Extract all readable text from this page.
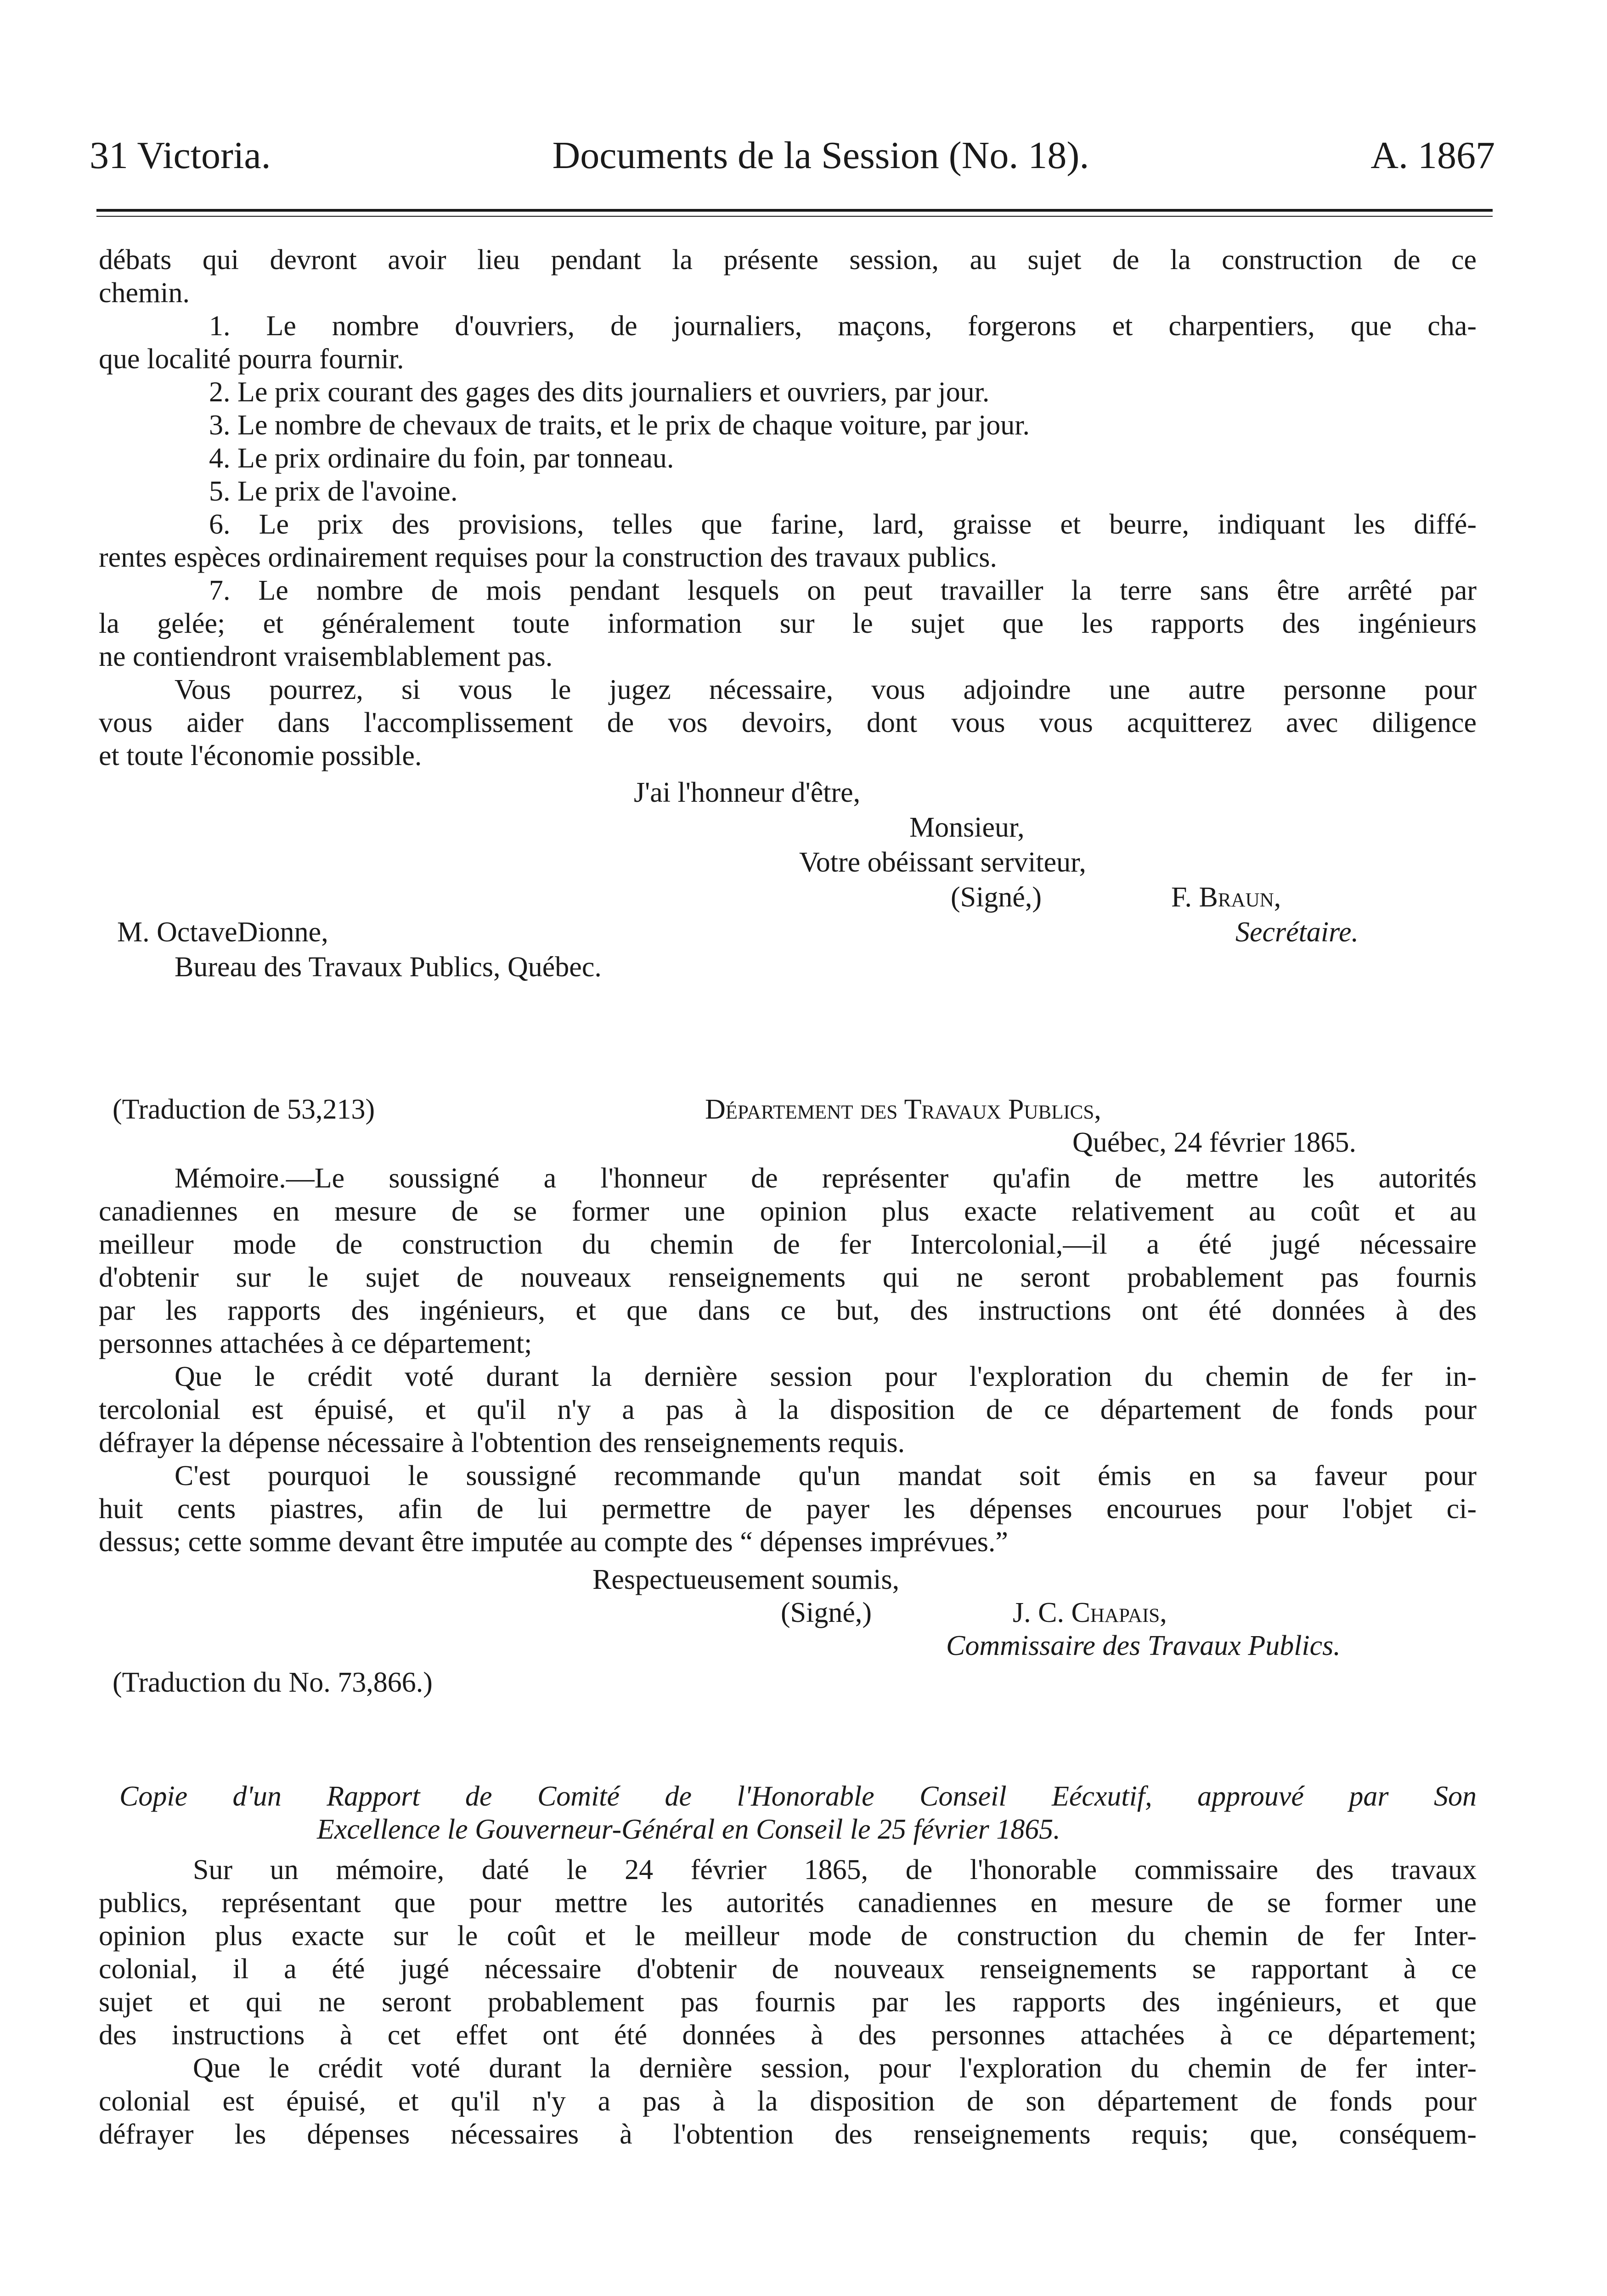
31 Victoria.	Documents de la Session (No. 18).	A. 1867
débats qui devront avoir lieu pendant la présente session, au sujet de la construction de ce
chemin.
1. Le nombre d'ouvriers, de journaliers, maçons, forgerons et charpentiers, que cha-
que localité pourra fournir.
2. Le prix courant des gages des dits journaliers et ouvriers, par jour.
3. Le nombre de chevaux de traits, et le prix de chaque voiture, par jour.
4. Le prix ordinaire du foin, par tonneau.
5. Le prix de l'avoine.
6. Le prix des provisions, telles que farine, lard, graisse et beurre, indiquant les diffé-
rentes espèces ordinairement requises pour la construction des travaux publics.
7. Le nombre de mois pendant lesquels on peut travailler la terre sans être arrêté par
la gelée; et généralement toute information sur le sujet que les rapports des ingénieurs
ne contiendront vraisemblablement pas.
Vous pourrez, si vous le jugez nécessaire, vous adjoindre une autre personne pour
vous aider dans l'accomplissement de vos devoirs, dont vous vous acquitterez avec diligence
et toute l'économie possible.
J'ai l'honneur d'être,
Monsieur,
Votre obéissant serviteur,
(Signé,)	F. Braun,
M. OctaveDionne,	Secrétaire.
Bureau des Travaux Publics, Québec.
(Traduction de 53,213)	Département des Travaux Publics,
Québec, 24 février 1865.
Mémoire.—Le soussigné a l'honneur de représenter qu'afin de mettre les autorités
canadiennes en mesure de se former une opinion plus exacte relativement au coût et au
meilleur mode de construction du chemin de fer Intercolonial,—il a été jugé nécessaire
d'obtenir sur le sujet de nouveaux renseignements qui ne seront probablement pas fournis
par les rapports des ingénieurs, et que dans ce but, des instructions ont été données à des
personnes attachées à ce département;
Que le crédit voté durant la dernière session pour l'exploration du chemin de fer in-
tercolonial est épuisé, et qu'il n'y a pas à la disposition de ce département de fonds pour
défrayer la dépense nécessaire à l'obtention des renseignements requis.
C'est pourquoi le soussigné recommande qu'un mandat soit émis en sa faveur pour
huit cents piastres, afin de lui permettre de payer les dépenses encourues pour l'objet ci-
dessus; cette somme devant être imputée au compte des “ dépenses imprévues.”
Respectueusement soumis,
(Signé,)	J. C. Chapais,
Commissaire des Travaux Publics.
(Traduction du No. 73,866.)
Copie d'un Rapport de Comité de l'Honorable Conseil Eécxutif, approuvé par Son
Excellence le Gouverneur-Général en Conseil le 25 février 1865.
Sur un mémoire, daté le 24 février 1865, de l'honorable commissaire des travaux
publics, représentant que pour mettre les autorités canadiennes en mesure de se former une
opinion plus exacte sur le coût et le meilleur mode de construction du chemin de fer Inter-
colonial, il a été jugé nécessaire d'obtenir de nouveaux renseignements se rapportant à ce
sujet et qui ne seront probablement pas fournis par les rapports des ingénieurs, et que
des instructions à cet effet ont été données à des personnes attachées à ce département;
Que le crédit voté durant la dernière session, pour l'exploration du chemin de fer inter-
colonial est épuisé, et qu'il n'y a pas à la disposition de son département de fonds pour
défrayer les dépenses nécessaires à l'obtention des renseignements requis; que, conséquem-
